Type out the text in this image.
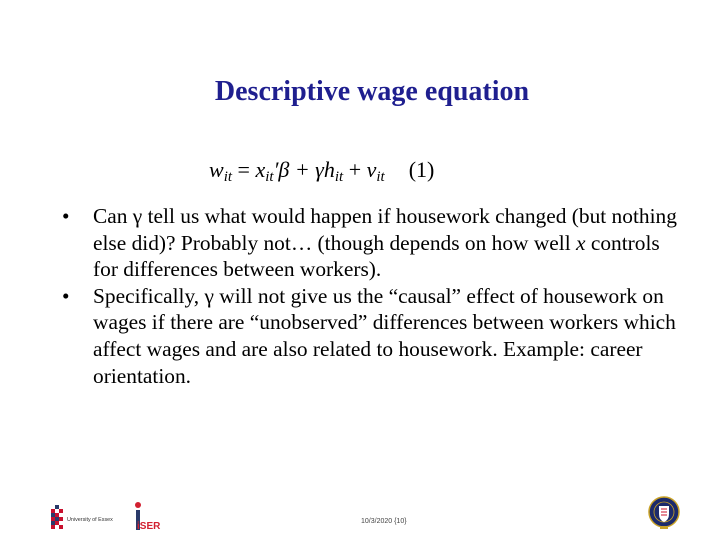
Descriptive wage equation
$w_{it} = x_{it}'\beta + \gamma h_{it} + v_{it}$ (1)
• Can γ tell us what would happen if housework changed (but nothing else did)? Probably not… (though depends on how well x controls for differences between workers).
• Specifically, γ will not give us the “causal” effect of housework on wages if there are “unobserved” differences between workers which affect wages and are also related to housework. Example: career orientation.
University of Essex
iSER	10/3/2020 {10}
